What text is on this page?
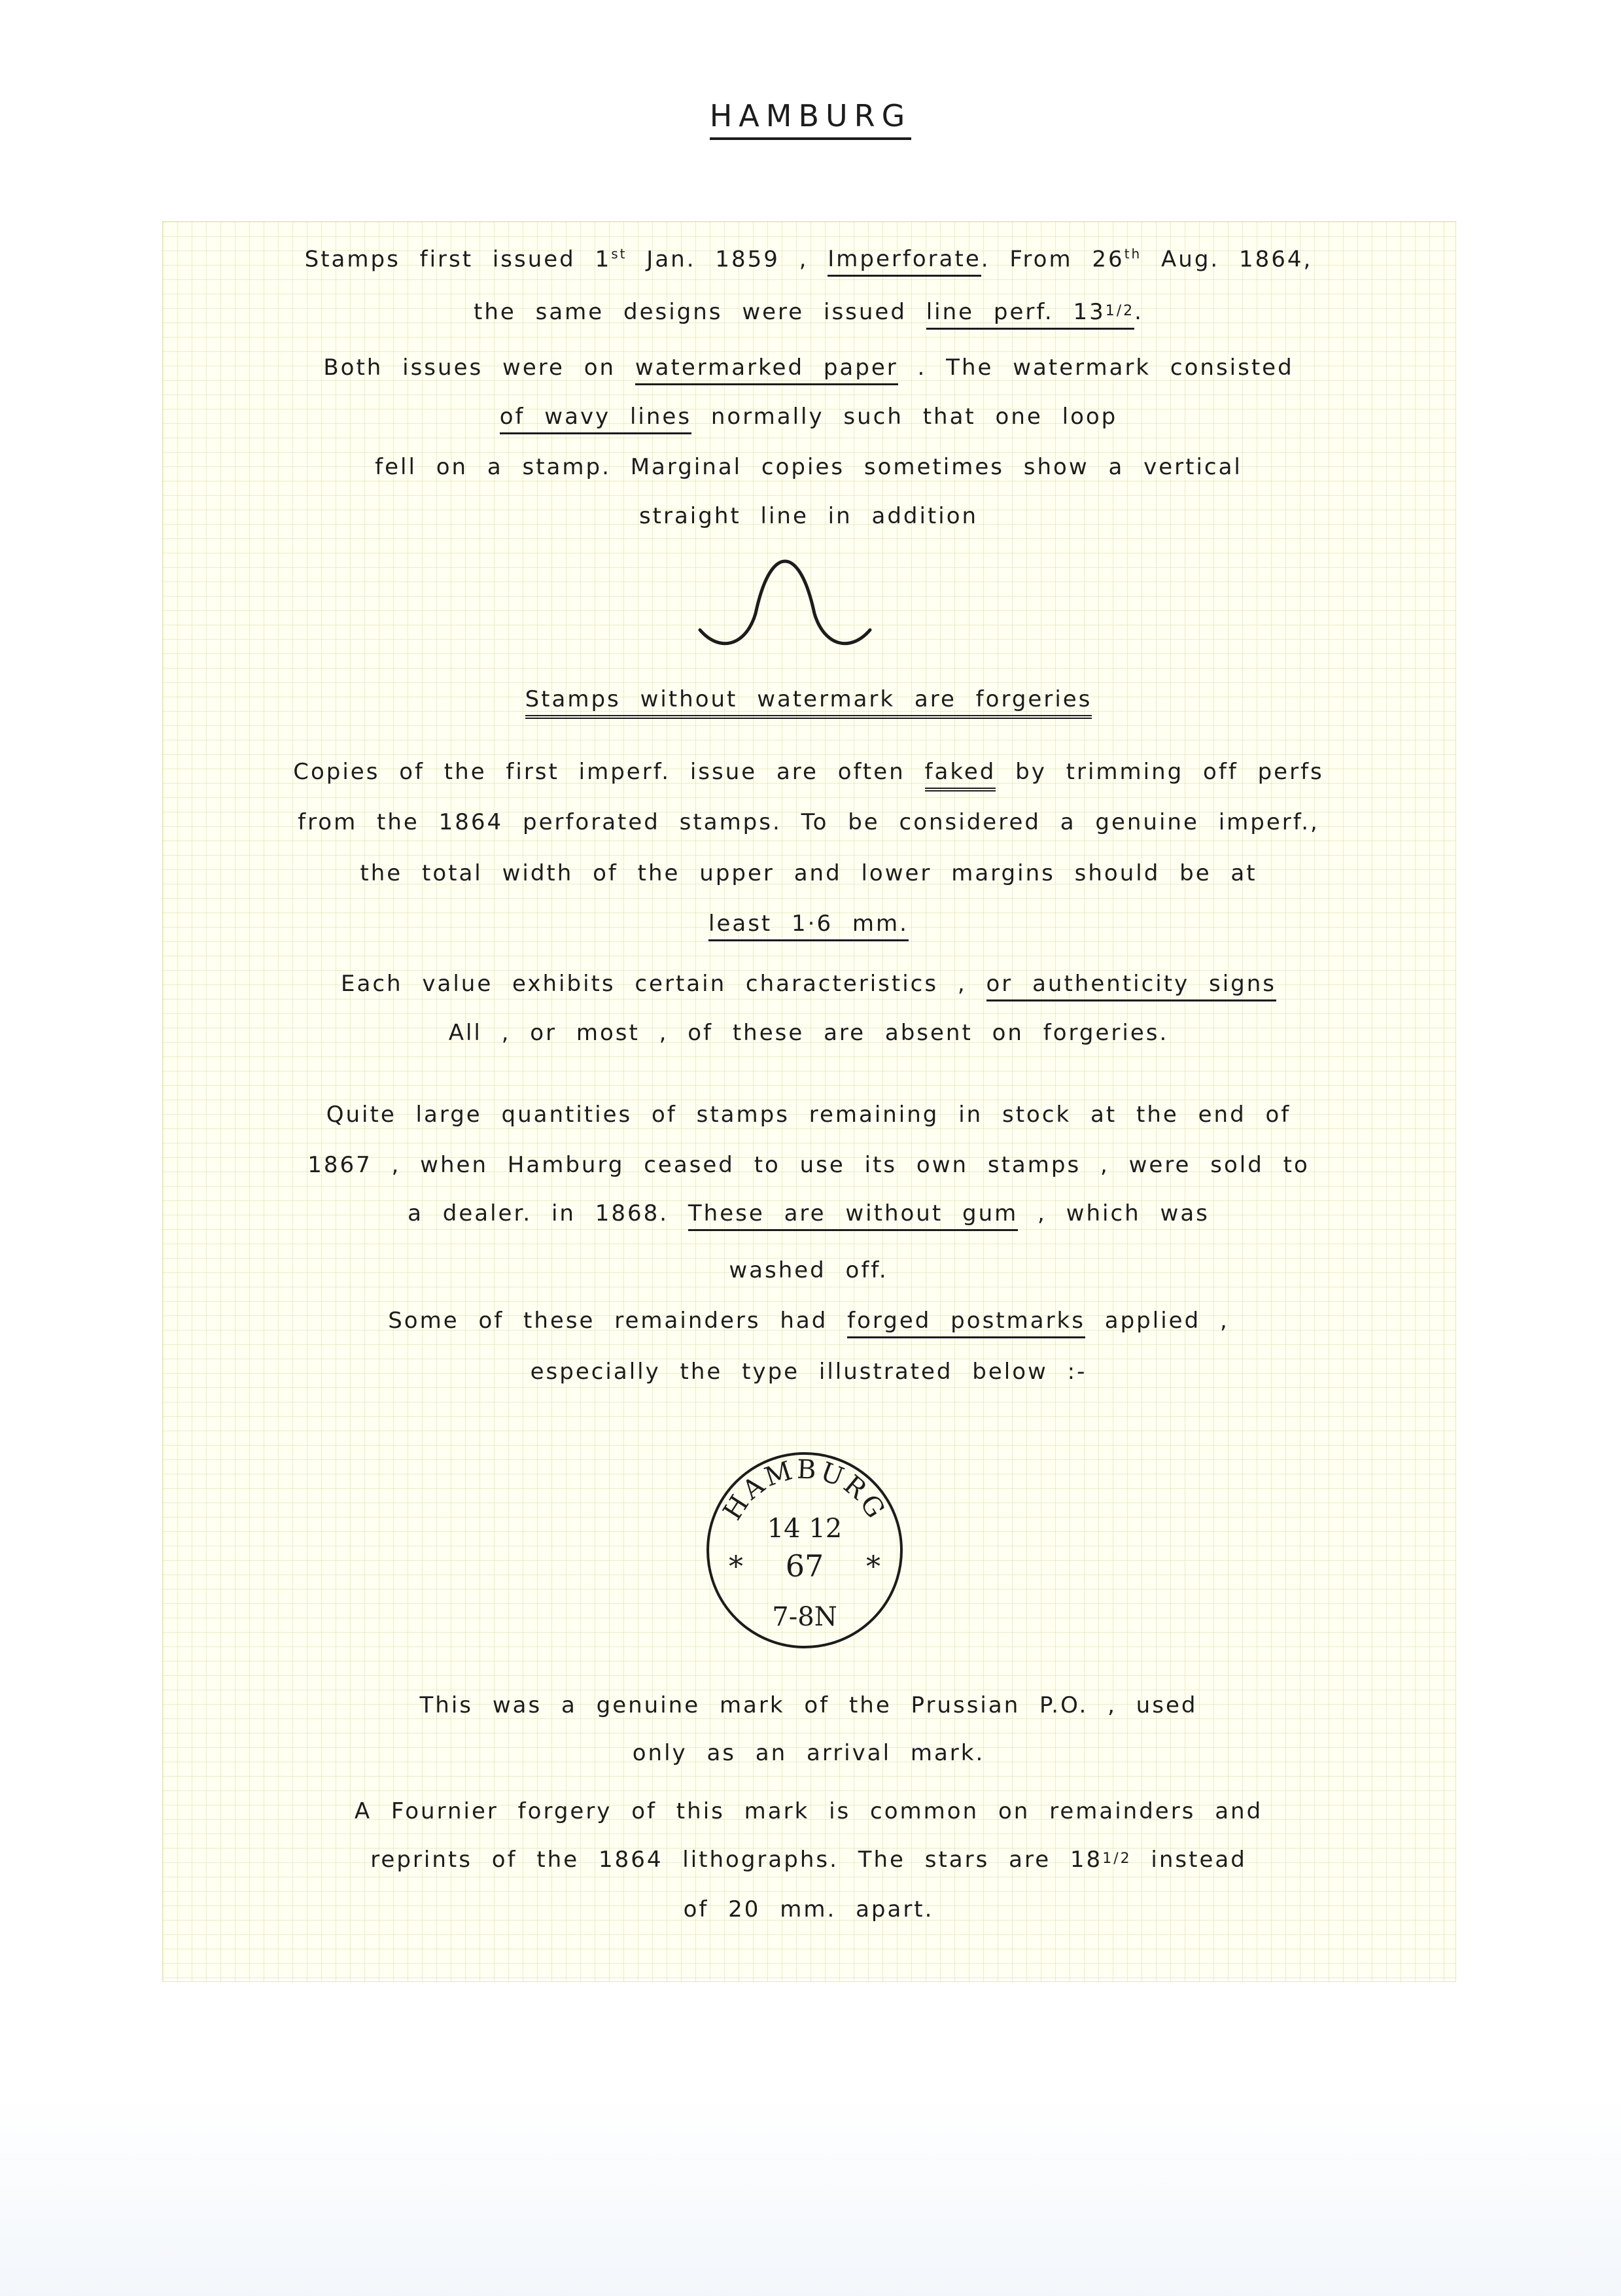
HAMBURG
Stamps first issued 1st Jan. 1859 , Imperforate. From 26th Aug. 1864,
the same designs were issued line perf. 131/2.
Both issues were on watermarked paper . The watermark consisted
of wavy lines normally such that one loop
fell on a stamp. Marginal copies sometimes show a vertical
straight line in addition
Stamps without watermark are forgeries
Copies of the first imperf. issue are often faked by trimming off perfs
from the 1864 perforated stamps. To be considered a genuine imperf.,
the total width of the upper and lower margins should be at
least 1·6 mm.
Each value exhibits certain characteristics , or authenticity signs
All , or most , of these are absent on forgeries.
Quite large quantities of stamps remaining in stock at the end of
1867 , when Hamburg ceased to use its own stamps , were sold to
a dealer. in 1868. These are without gum , which was
washed off.
Some of these remainders had forged postmarks applied ,
especially the type illustrated below :-
HAMBURG
14 12
67
*	*
7-8N
This was a genuine mark of the Prussian P.O. , used
only as an arrival mark.
A Fournier forgery of this mark is common on remainders and
reprints of the 1864 lithographs. The stars are 181/2 instead
of 20 mm. apart.
